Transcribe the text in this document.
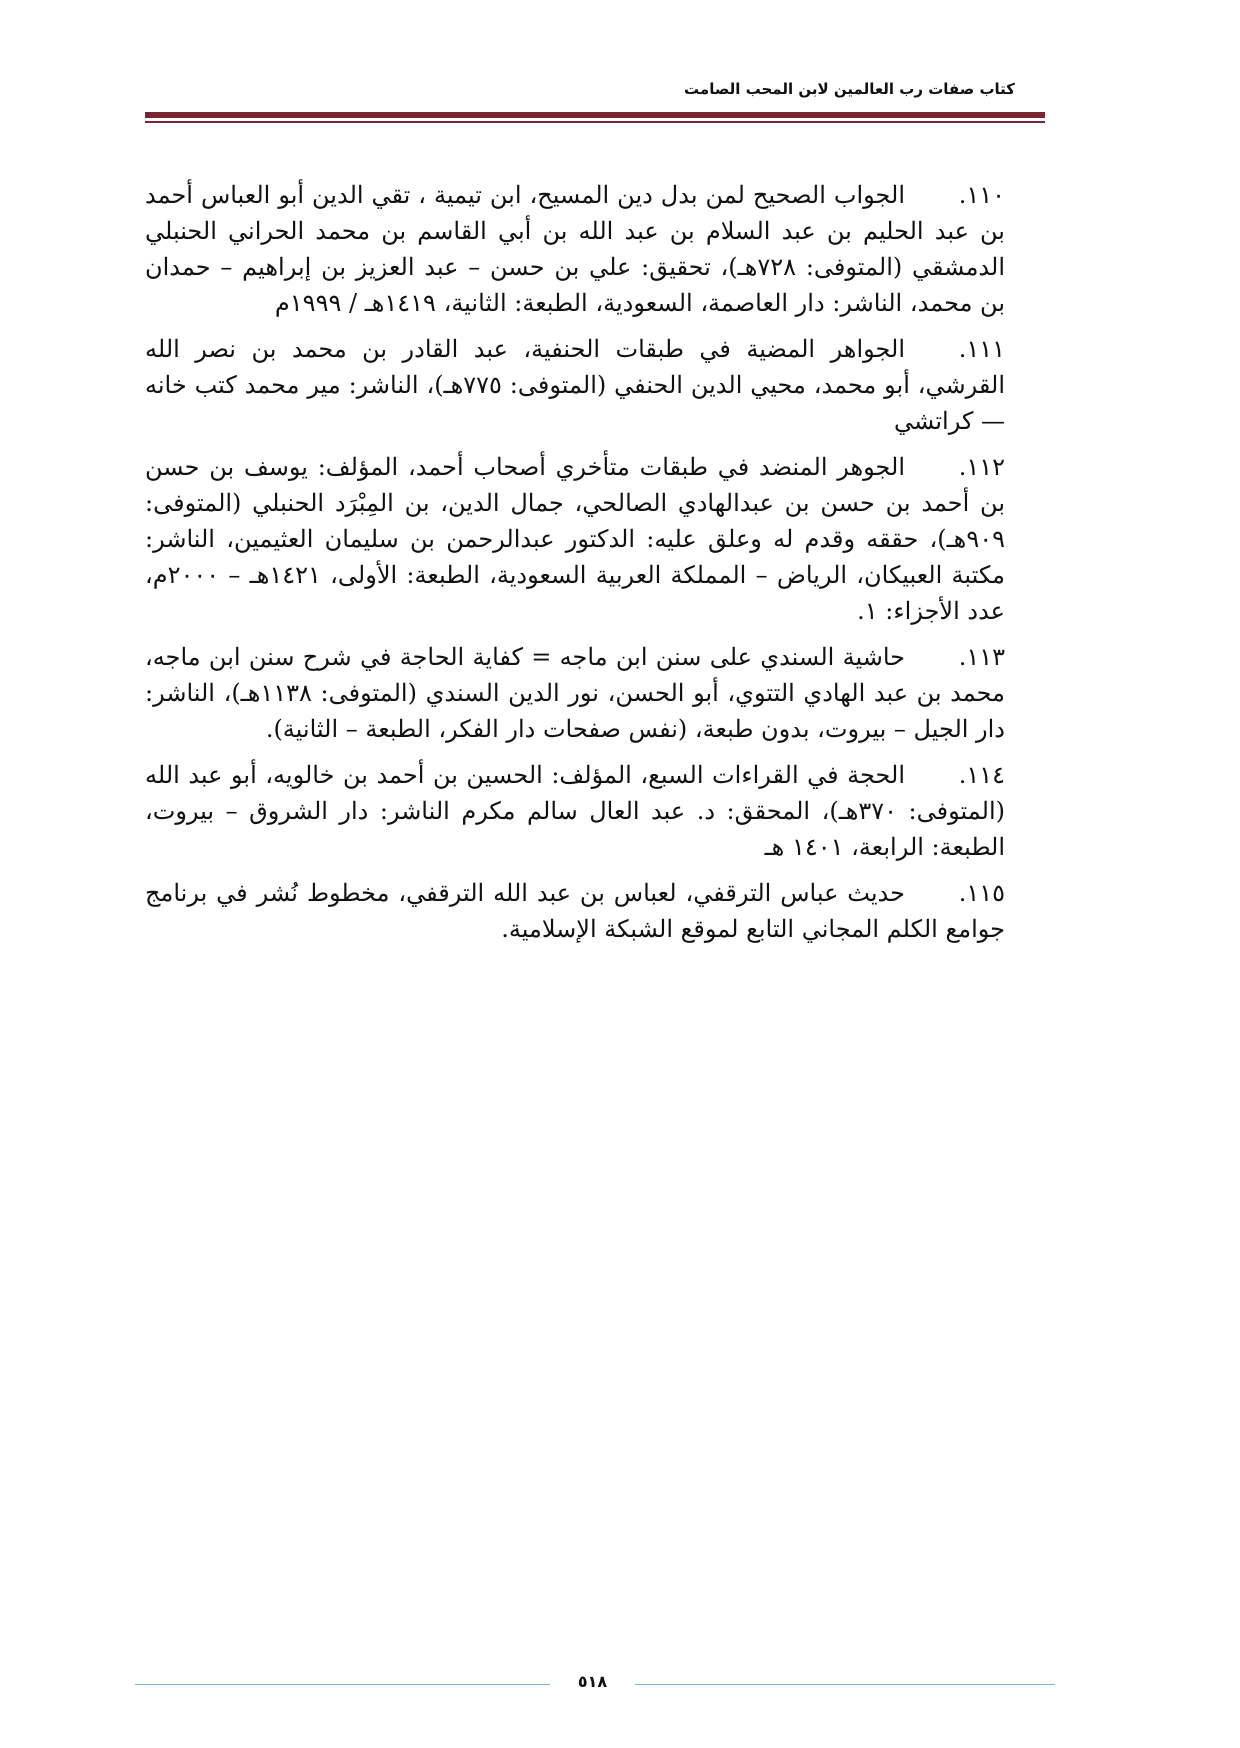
كتاب صفات رب العالمين لابن المحب الصامت
١١٠.الجواب الصحيح لمن بدل دين المسيح، ابن تيمية ، تقي الدين أبو العباس أحمد بن عبد الحليم بن عبد السلام بن عبد الله بن أبي القاسم بن محمد الحراني الحنبلي الدمشقي (المتوفى: ٧٢٨هـ)، تحقيق: علي بن حسن – عبد العزيز بن إبراهيم – حمدان بن محمد، الناشر: دار العاصمة، السعودية، الطبعة: الثانية، ١٤١٩هـ / ١٩٩٩م
١١١.الجواهر المضية في طبقات الحنفية، عبد القادر بن محمد بن نصر الله القرشي، أبو محمد، محيي الدين الحنفي (المتوفى: ٧٧٥هـ)، الناشر: مير محمد كتب خانه — كراتشي
١١٢.الجوهر المنضد في طبقات متأخري أصحاب أحمد، المؤلف: يوسف بن حسن بن أحمد بن حسن بن عبدالهادي الصالحي، جمال الدين، بن المِبْرَد الحنبلي (المتوفى: ٩٠٩هـ)، حققه وقدم له وعلق عليه: الدكتور عبدالرحمن بن سليمان العثيمين، الناشر: مكتبة العبيكان، الرياض – المملكة العربية السعودية، الطبعة: الأولى، ١٤٢١هـ – ٢٠٠٠م، عدد الأجزاء: ١.
١١٣.حاشية السندي على سنن ابن ماجه = كفاية الحاجة في شرح سنن ابن ماجه، محمد بن عبد الهادي التتوي، أبو الحسن، نور الدين السندي (المتوفى: ١١٣٨هـ)، الناشر: دار الجيل – بيروت، بدون طبعة، (نفس صفحات دار الفكر، الطبعة – الثانية).
١١٤.الحجة في القراءات السبع، المؤلف: الحسين بن أحمد بن خالويه، أبو عبد الله (المتوفى: ٣٧٠هـ)، المحقق: د. عبد العال سالم مكرم الناشر: دار الشروق – بيروت، الطبعة: الرابعة، ١٤٠١ هـ
١١٥.حديث عباس الترقفي، لعباس بن عبد الله الترقفي، مخطوط نُشر في برنامج جوامع الكلم المجاني التابع لموقع الشبكة الإسلامية.
٥١٨
